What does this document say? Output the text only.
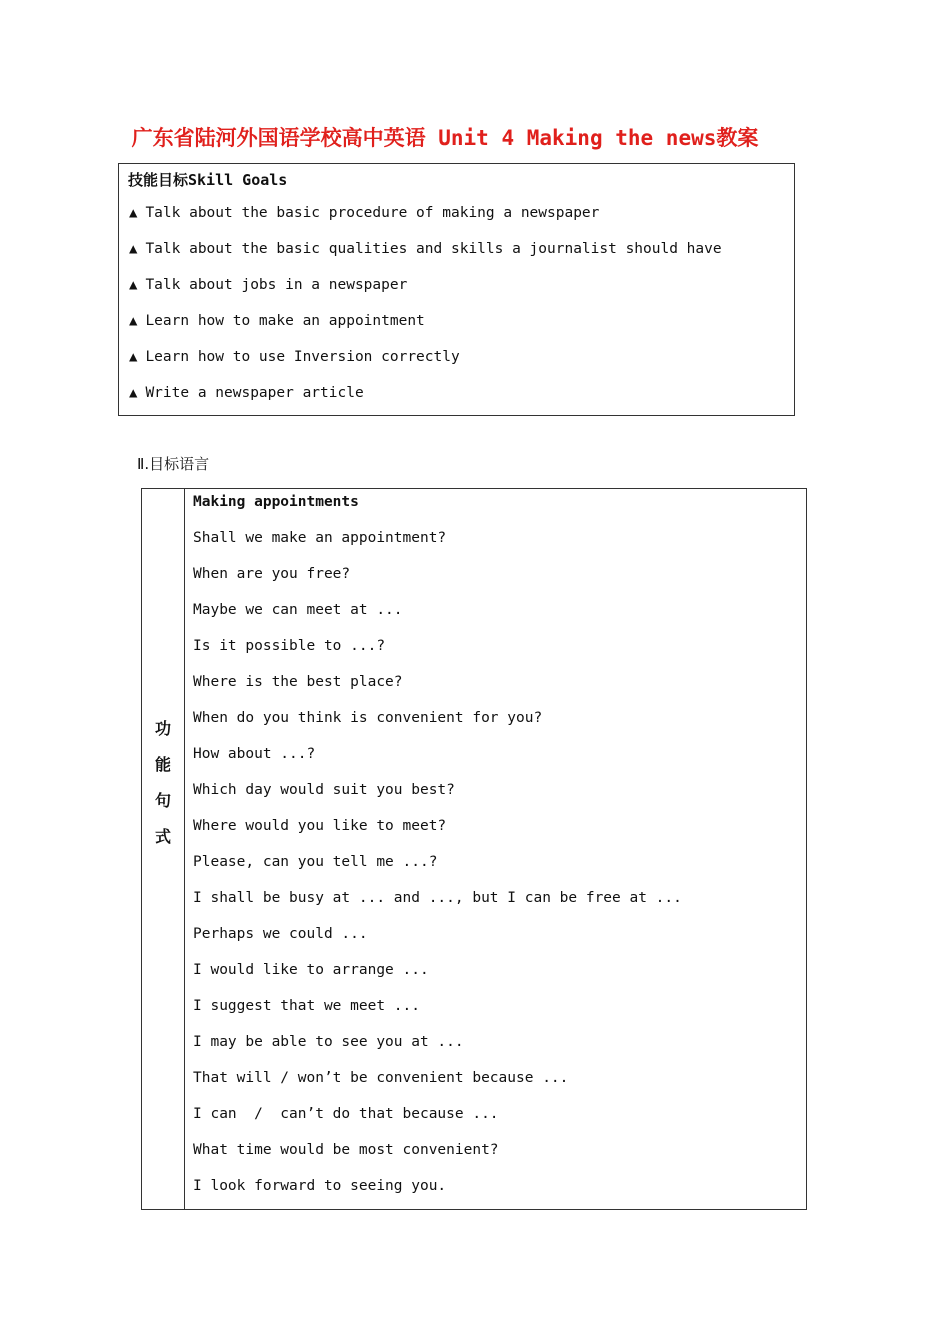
广东省陆河外国语学校高中英语 Unit 4 Making the news教案
技能目标Skill Goals
▲ Talk about the basic procedure of making a newspaper
▲ Talk about the basic qualities and skills a journalist should have
▲ Talk about jobs in a newspaper
▲ Learn how to make an appointment
▲ Learn how to use Inversion correctly
▲ Write a newspaper article
Ⅱ.目标语言
功
能
句
式
Making appointments
Shall we make an appointment?
When are you free?
Maybe we can meet at ...
Is it possible to ...?
Where is the best place?
When do you think is convenient for you?
How about ...?
Which day would suit you best?
Where would you like to meet?
Please, can you tell me ...?
I shall be busy at ... and ..., but I can be free at ...
Perhaps we could ...
I would like to arrange ...
I suggest that we meet ...
I may be able to see you at ...
That will / won’t be convenient because ...
I can  /  can’t do that because ...
What time would be most convenient?
I look forward to seeing you.
